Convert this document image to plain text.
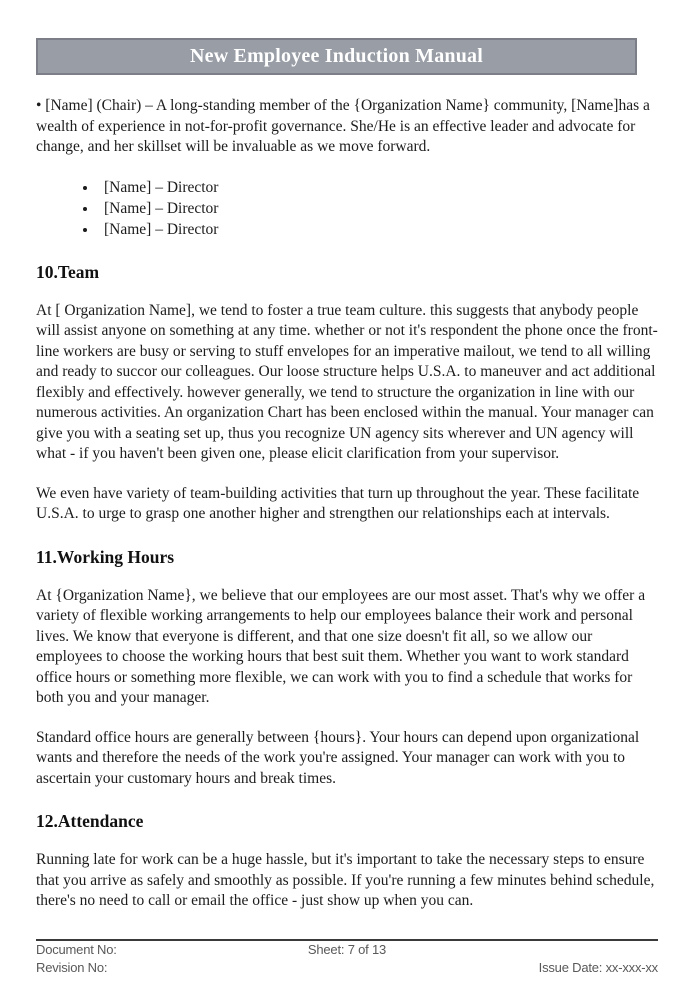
New Employee Induction Manual

• [Name] (Chair) – A long-standing member of the {Organization Name} community, [Name]has a wealth of experience in not-for-profit governance. She/He is an effective leader and advocate for change, and her skillset will be invaluable as we move forward.

• [Name] – Director
• [Name] – Director
• [Name] – Director
10.Team

At [ Organization Name], we tend to foster a true team culture. this suggests that anybody people will assist anyone on something at any time. whether or not it's respondent the phone once the front-line workers are busy or serving to stuff envelopes for an imperative mailout, we tend to all willing and ready to succor our colleagues. Our loose structure helps U.S.A. to maneuver and act additional flexibly and effectively. however generally, we tend to structure the organization in line with our numerous activities. An organization Chart has been enclosed within the manual. Your manager can give you with a seating set up, thus you recognize UN agency sits wherever and UN agency will what - if you haven't been given one, please elicit clarification from your supervisor.

We even have variety of team-building activities that turn up throughout the year. These facilitate U.S.A. to urge to grasp one another higher and strengthen our relationships each at intervals.

11.Working Hours

At {Organization Name}, we believe that our employees are our most asset. That's why we offer a variety of flexible working arrangements to help our employees balance their work and personal lives. We know that everyone is different, and that one size doesn't fit all, so we allow our employees to choose the working hours that best suit them. Whether you want to work standard office hours or something more flexible, we can work with you to find a schedule that works for both you and your manager.

Standard office hours are generally between {hours}. Your hours can depend upon organizational wants and therefore the needs of the work you're assigned. Your manager can work with you to ascertain your customary hours and break times.

12.Attendance

Running late for work can be a huge hassle, but it's important to take the necessary steps to ensure that you arrive as safely and smoothly as possible. If you're running a few minutes behind schedule, there's no need to call or email the office - just show up when you can.

Document No:	Sheet: 7 of 13
Revision No:	Issue Date: xx-xxx-xx
